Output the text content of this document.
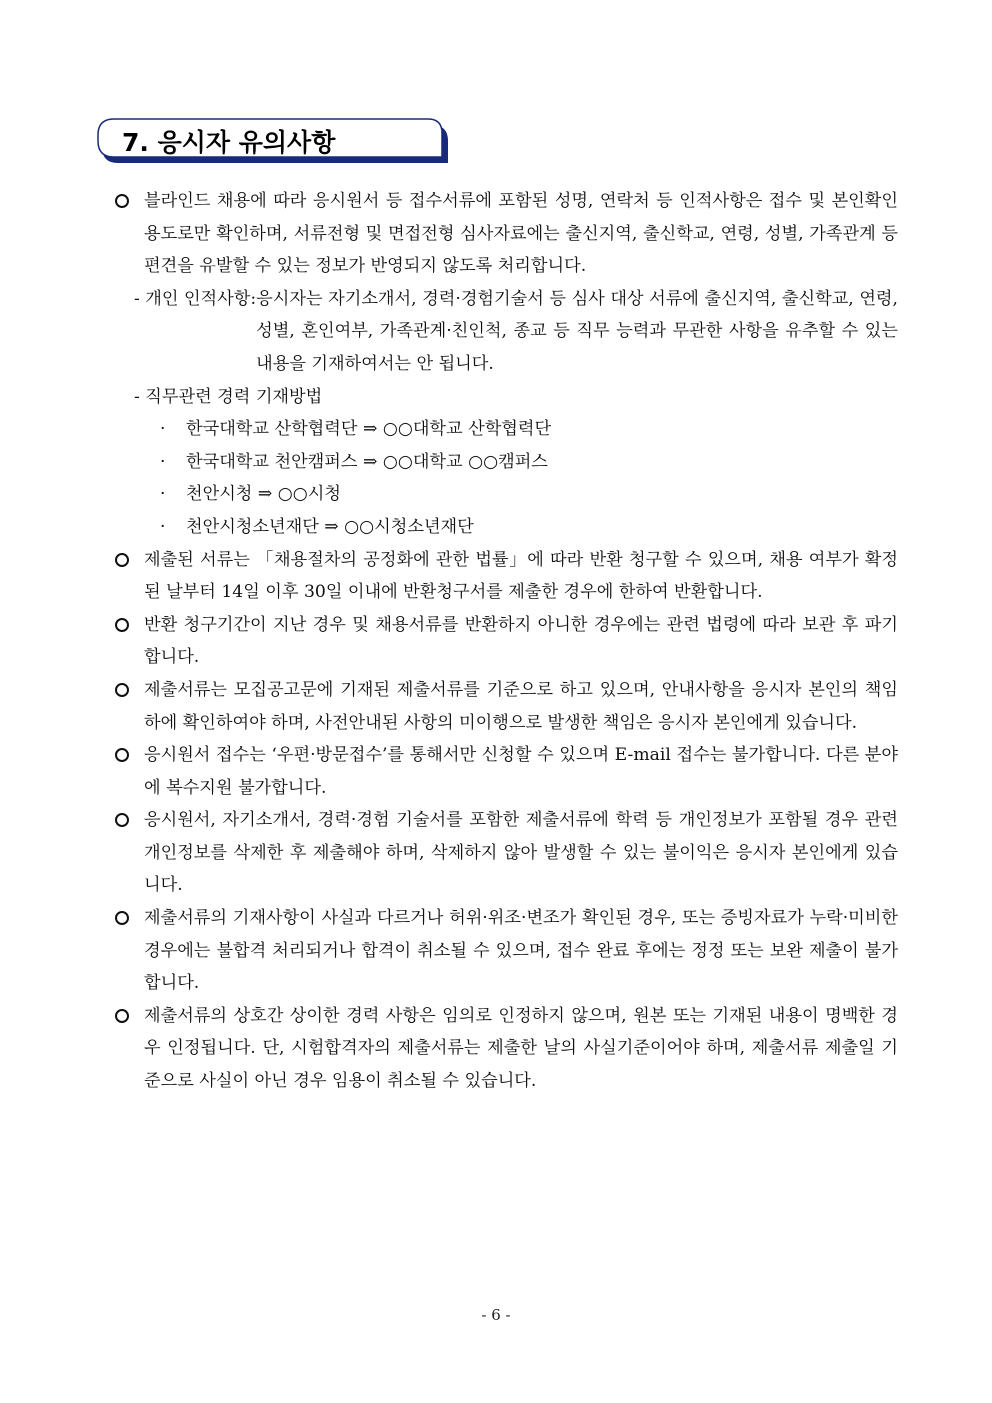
7. 응시자 유의사항
블라인드 채용에 따라 응시원서 등 접수서류에 포함된 성명, 연락처 등 인적사항은 접수 및 본인확인 용도로만 확인하며, 서류전형 및 면접전형 심사자료에는 출신지역, 출신학교, 연령, 성별, 가족관계 등 편견을 유발할 수 있는 정보가 반영되지 않도록 처리합니다.
- 개인 인적사항: 응시자는 자기소개서, 경력·경험기술서 등 심사 대상 서류에 출신지역, 출신학교, 연령, 성별, 혼인여부, 가족관계·친인척, 종교 등 직무 능력과 무관한 사항을 유추할 수 있는 내용을 기재하여서는 안 됩니다.
- 직무관련 경력 기재방법
· 한국대학교 산학협력단 ⇒ ○○대학교 산학협력단
· 한국대학교 천안캠퍼스 ⇒ ○○대학교 ○○캠퍼스
· 천안시청 ⇒ ○○시청
· 천안시청소년재단 ⇒ ○○시청소년재단
제출된 서류는 「채용절차의 공정화에 관한 법률」에 따라 반환 청구할 수 있으며, 채용 여부가 확정된 날부터 14일 이후 30일 이내에 반환청구서를 제출한 경우에 한하여 반환합니다.
반환 청구기간이 지난 경우 및 채용서류를 반환하지 아니한 경우에는 관련 법령에 따라 보관 후 파기합니다.
제출서류는 모집공고문에 기재된 제출서류를 기준으로 하고 있으며, 안내사항을 응시자 본인의 책임 하에 확인하여야 하며, 사전안내된 사항의 미이행으로 발생한 책임은 응시자 본인에게 있습니다.
응시원서 접수는 ‘우편·방문접수’를 통해서만 신청할 수 있으며 E-mail 접수는 불가합니다. 다른 분야에 복수지원 불가합니다.
응시원서, 자기소개서, 경력·경험 기술서를 포함한 제출서류에 학력 등 개인정보가 포함될 경우 관련 개인정보를 삭제한 후 제출해야 하며, 삭제하지 않아 발생할 수 있는 불이익은 응시자 본인에게 있습니다.
제출서류의 기재사항이 사실과 다르거나 허위·위조·변조가 확인된 경우, 또는 증빙자료가 누락·미비한 경우에는 불합격 처리되거나 합격이 취소될 수 있으며, 접수 완료 후에는 정정 또는 보완 제출이 불가합니다.
제출서류의 상호간 상이한 경력 사항은 임의로 인정하지 않으며, 원본 또는 기재된 내용이 명백한 경우 인정됩니다. 단, 시험합격자의 제출서류는 제출한 날의 사실기준이어야 하며, 제출서류 제출일 기준으로 사실이 아닌 경우 임용이 취소될 수 있습니다.
- 6 -
